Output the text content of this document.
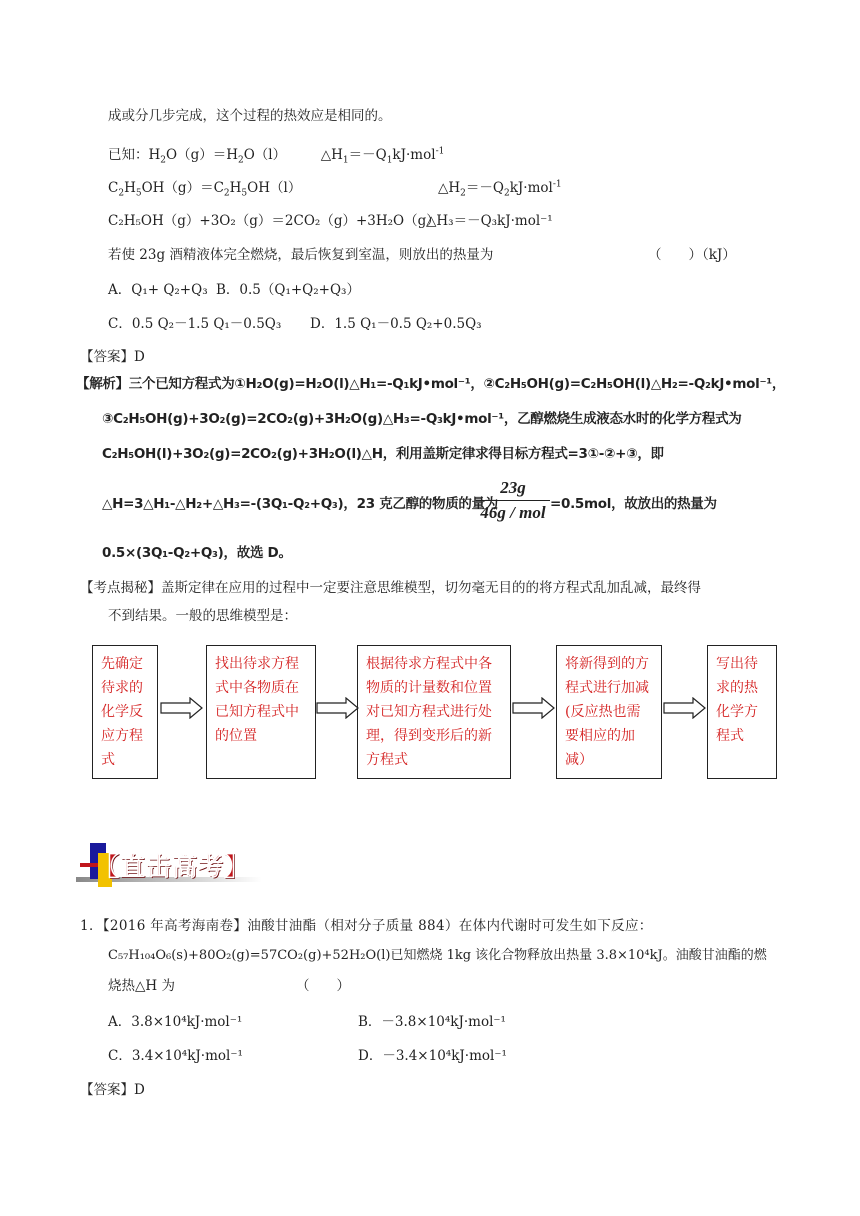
成或分几步完成，这个过程的热效应是相同的。
已知：$H_2O(g)=H_2O(l)$	$\triangle H_1=-Q_1kJ\cdot mol^{-1}$
$C_2H_5OH(g)=C_2H_5OH(l)$	$\triangle H_2=-Q_2kJ\cdot mol^{-1}$
C₂H₅OH（g）+3O₂（g）＝2CO₂（g）+3H₂O（g）
△H₃＝－Q₃kJ·mol⁻¹
若使 23g 酒精液体完全燃烧，最后恢复到室温，则放出的热量为	（　　）（kJ）
A．Q₁+ Q₂+Q₃ B．0.5（Q₁+Q₂+Q₃）
C．0.5 Q₂－1.5 Q₁－0.5Q₃ D．1.5 Q₁－0.5 Q₂+0.5Q₃
【答案】D
【解析】三个已知方程式为①H₂O(g)=H₂O(l)△H₁=-Q₁kJ•mol⁻¹，②C₂H₅OH(g)=C₂H₅OH(l)△H₂=-Q₂kJ•mol⁻¹，
③C₂H₅OH(g)+3O₂(g)=2CO₂(g)+3H₂O(g)△H₃=-Q₃kJ•mol⁻¹，乙醇燃烧生成液态水时的化学方程式为
C₂H₅OH(l)+3O₂(g)=2CO₂(g)+3H₂O(l)△H，利用盖斯定律求得目标方程式=3①-②+③，即
△H=3△H₁-△H₂+△H₃=-(3Q₁-Q₂+Q₃)，23 克乙醇的物质的量为
23g
46g / mol =0.5mol，故放出的热量为
0.5×(3Q₁-Q₂+Q₃)，故选 D。
【考点揭秘】盖斯定律在应用的过程中一定要注意思维模型，切勿毫无目的的将方程式乱加乱减，最终得
不到结果。一般的思维模型是：
先确定待求的化学反应方程式
找出待求方程式中各物质在已知方程式中的位置
根据待求方程式中各物质的计量数和位置对已知方程式进行处理，得到变形后的新方程式
将新得到的方程式进行加减(反应热也需要相应的加减）
写出待求的热化学方程式
【直击高考】
1．【2016 年高考海南卷】油酸甘油酯（相对分子质量 884）在体内代谢时可发生如下反应：
C₅₇H₁₀₄O₆(s)+80O₂(g)=57CO₂(g)+52H₂O(l)已知燃烧 1kg 该化合物释放出热量 3.8×10⁴kJ。油酸甘油酯的燃
烧热△H 为	（　　）
A．3.8×10⁴kJ·mol⁻¹	B．－3.8×10⁴kJ·mol⁻¹
C．3.4×10⁴kJ·mol⁻¹	D．－3.4×10⁴kJ·mol⁻¹
【答案】D
